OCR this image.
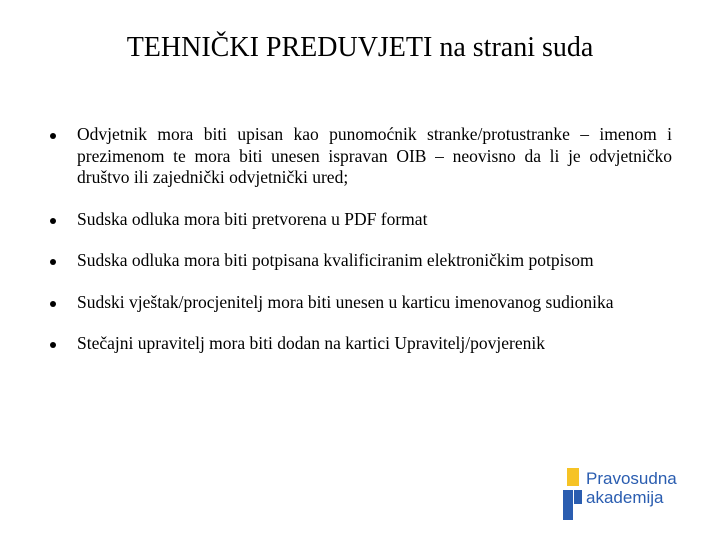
TEHNIČKI PREDUVJETI na strani suda
Odvjetnik mora biti upisan kao punomoćnik stranke/protustranke – imenom i prezimenom te mora biti unesen ispravan OIB – neovisno da li je odvjetničko društvo ili zajednički odvjetnički ured;
Sudska odluka mora biti pretvorena u PDF format
Sudska odluka mora biti potpisana kvalificiranim elektroničkim potpisom
Sudski vještak/procjenitelj mora biti unesen u karticu imenovanog sudionika
Stečajni upravitelj mora biti dodan na kartici Upravitelj/povjerenik
Pravosudna
akademija
